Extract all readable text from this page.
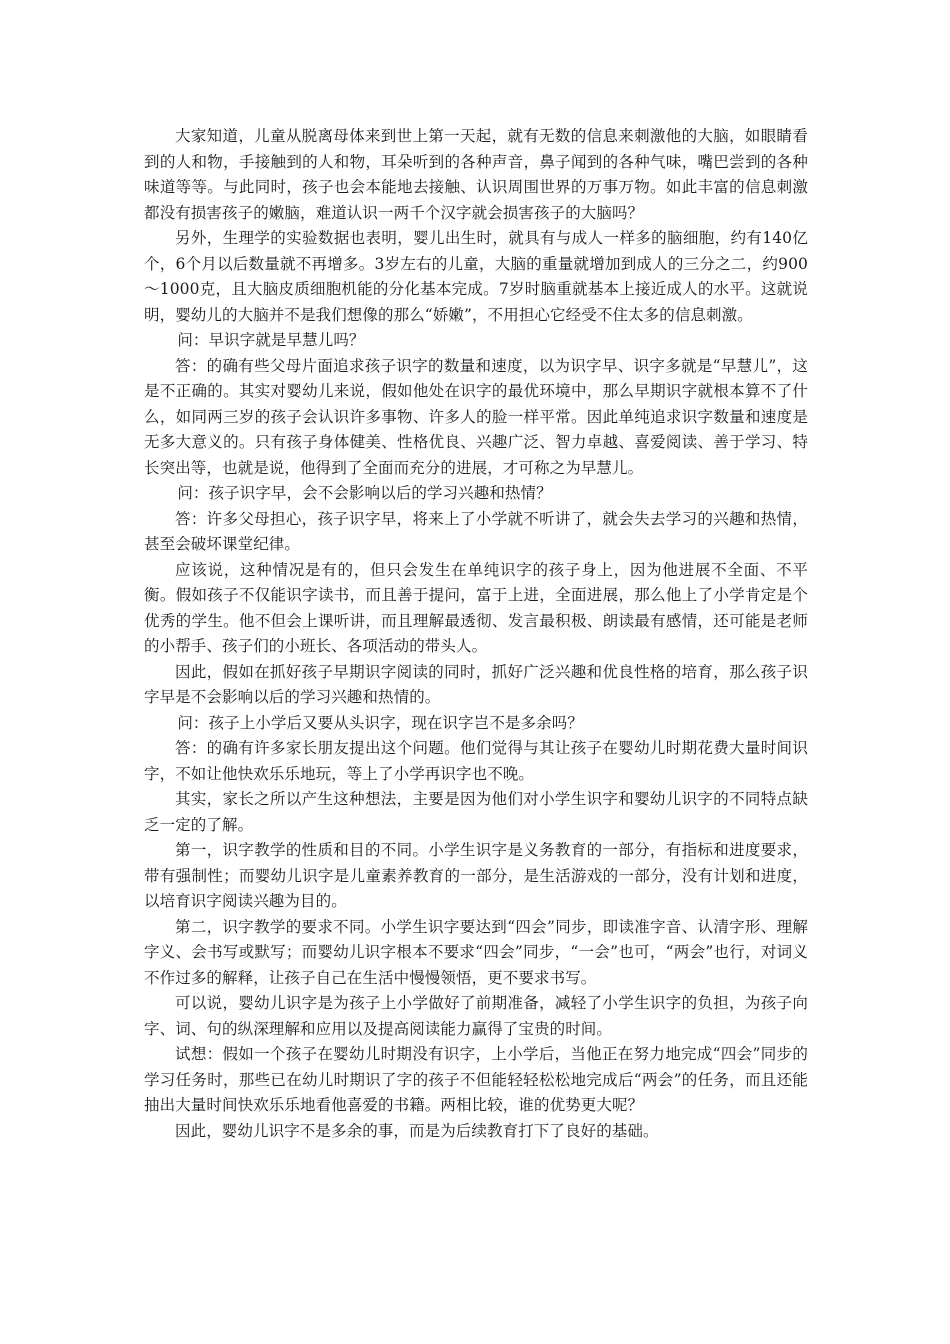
大家知道，儿童从脱离母体来到世上第一天起，就有无数的信息来刺激他的大脑，如眼睛看到的人和物，手接触到的人和物，耳朵听到的各种声音，鼻子闻到的各种气味，嘴巴尝到的各种味道等等。与此同时，孩子也会本能地去接触、认识周围世界的万事万物。如此丰富的信息刺激都没有损害孩子的嫩脑，难道认识一两千个汉字就会损害孩子的大脑吗？

另外，生理学的实验数据也表明，婴儿出生时，就具有与成人一样多的脑细胞，约有140亿个，6个月以后数量就不再增多。3岁左右的儿童，大脑的重量就增加到成人的三分之二，约900～1000克，且大脑皮质细胞机能的分化基本完成。7岁时脑重就基本上接近成人的水平。这就说明，婴幼儿的大脑并不是我们想像的那么“娇嫩”，不用担心它经受不住太多的信息刺激。

问：早识字就是早慧儿吗？

答：的确有些父母片面追求孩子识字的数量和速度，以为识字早、识字多就是“早慧儿”，这是不正确的。其实对婴幼儿来说，假如他处在识字的最优环境中，那么早期识字就根本算不了什么，如同两三岁的孩子会认识许多事物、许多人的脸一样平常。因此单纯追求识字数量和速度是无多大意义的。只有孩子身体健美、性格优良、兴趣广泛、智力卓越、喜爱阅读、善于学习、特长突出等，也就是说，他得到了全面而充分的进展，才可称之为早慧儿。

问：孩子识字早，会不会影响以后的学习兴趣和热情？

答：许多父母担心，孩子识字早，将来上了小学就不听讲了，就会失去学习的兴趣和热情，甚至会破坏课堂纪律。

应该说，这种情况是有的，但只会发生在单纯识字的孩子身上，因为他进展不全面、不平衡。假如孩子不仅能识字读书，而且善于提问，富于上进，全面进展，那么他上了小学肯定是个优秀的学生。他不但会上课听讲，而且理解最透彻、发言最积极、朗读最有感情，还可能是老师的小帮手、孩子们的小班长、各项活动的带头人。

因此，假如在抓好孩子早期识字阅读的同时，抓好广泛兴趣和优良性格的培育，那么孩子识字早是不会影响以后的学习兴趣和热情的。

问：孩子上小学后又要从头识字，现在识字岂不是多余吗？

答：的确有许多家长朋友提出这个问题。他们觉得与其让孩子在婴幼儿时期花费大量时间识字，不如让他快欢乐乐地玩，等上了小学再识字也不晚。

其实，家长之所以产生这种想法，主要是因为他们对小学生识字和婴幼儿识字的不同特点缺乏一定的了解。

第一，识字教学的性质和目的不同。小学生识字是义务教育的一部分，有指标和进度要求，带有强制性；而婴幼儿识字是儿童素养教育的一部分，是生活游戏的一部分，没有计划和进度，以培育识字阅读兴趣为目的。

第二，识字教学的要求不同。小学生识字要达到“四会”同步，即读准字音、认清字形、理解字义、会书写或默写；而婴幼儿识字根本不要求“四会”同步，“一会”也可，“两会”也行，对词义不作过多的解释，让孩子自己在生活中慢慢领悟，更不要求书写。

可以说，婴幼儿识字是为孩子上小学做好了前期准备，减轻了小学生识字的负担，为孩子向字、词、句的纵深理解和应用以及提高阅读能力赢得了宝贵的时间。

试想：假如一个孩子在婴幼儿时期没有识字，上小学后，当他正在努力地完成“四会”同步的学习任务时，那些已在幼儿时期识了字的孩子不但能轻轻松松地完成后“两会”的任务，而且还能抽出大量时间快欢乐乐地看他喜爱的书籍。两相比较，谁的优势更大呢？

因此，婴幼儿识字不是多余的事，而是为后续教育打下了良好的基础。
